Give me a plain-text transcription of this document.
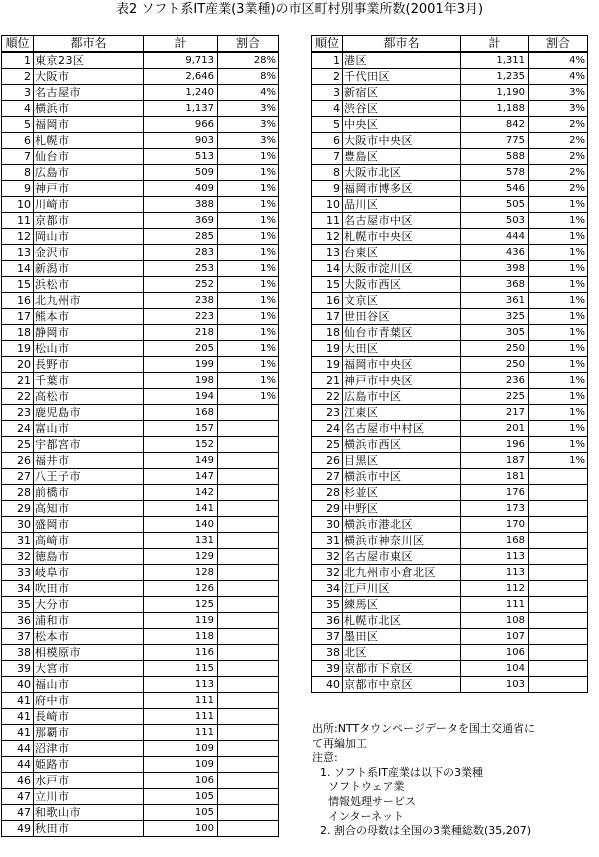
表2 ソフト系IT産業(3業種)の市区町村別事業所数(2001年3月)
順位	都市名	計	割合
1	東京23区	9,713	28%
2	大阪市	2,646	8%
3	名古屋市	1,240	4%
4	横浜市	1,137	3%
5	福岡市	966	3%
6	札幌市	903	3%
7	仙台市	513	1%
8	広島市	509	1%
9	神戸市	409	1%
10	川崎市	388	1%
11	京都市	369	1%
12	岡山市	285	1%
13	金沢市	283	1%
14	新潟市	253	1%
15	浜松市	252	1%
16	北九州市	238	1%
17	熊本市	223	1%
18	静岡市	218	1%
19	松山市	205	1%
20	長野市	199	1%
21	千葉市	198	1%
22	高松市	194	1%
23	鹿児島市	168	
24	富山市	157	
25	宇都宮市	152	
26	福井市	149	
27	八王子市	147	
28	前橋市	142	
29	高知市	141	
30	盛岡市	140	
31	高崎市	131	
32	徳島市	129	
33	岐阜市	128	
34	吹田市	126	
35	大分市	125	
36	浦和市	119	
37	松本市	118	
38	相模原市	116	
39	大宮市	115	
40	福山市	113	
41	府中市	111	
41	長崎市	111	
41	那覇市	111	
44	沼津市	109	
44	姫路市	109	
46	水戸市	106	
47	立川市	105	
47	和歌山市	105	
49	秋田市	100	
順位	都市名	計	割合
1	港区	1,311	4%
2	千代田区	1,235	4%
3	新宿区	1,190	3%
4	渋谷区	1,188	3%
5	中央区	842	2%
6	大阪市中央区	775	2%
7	豊島区	588	2%
8	大阪市北区	578	2%
9	福岡市博多区	546	2%
10	品川区	505	1%
11	名古屋市中区	503	1%
12	札幌市中央区	444	1%
13	台東区	436	1%
14	大阪市淀川区	398	1%
15	大阪市西区	368	1%
16	文京区	361	1%
17	世田谷区	325	1%
18	仙台市青葉区	305	1%
19	大田区	250	1%
19	福岡市中央区	250	1%
21	神戸市中央区	236	1%
22	広島市中区	225	1%
23	江東区	217	1%
24	名古屋市中村区	201	1%
25	横浜市西区	196	1%
26	目黒区	187	1%
27	横浜市中区	181	
28	杉並区	176	
29	中野区	173	
30	横浜市港北区	170	
31	横浜市神奈川区	168	
32	名古屋市東区	113	
32	北九州市小倉北区	113	
34	江戸川区	112	
35	練馬区	111	
36	札幌市北区	108	
37	墨田区	107	
38	北区	106	
39	京都市下京区	104	
40	京都市中京区	103	
出所:NTTタウンページデータを国土交通省に
て再編加工
注意:
1. ソフト系IT産業は以下の3業種
ソフトウェア業
情報処理サービス
インターネット
2. 割合の母数は全国の3業種総数(35,207)
